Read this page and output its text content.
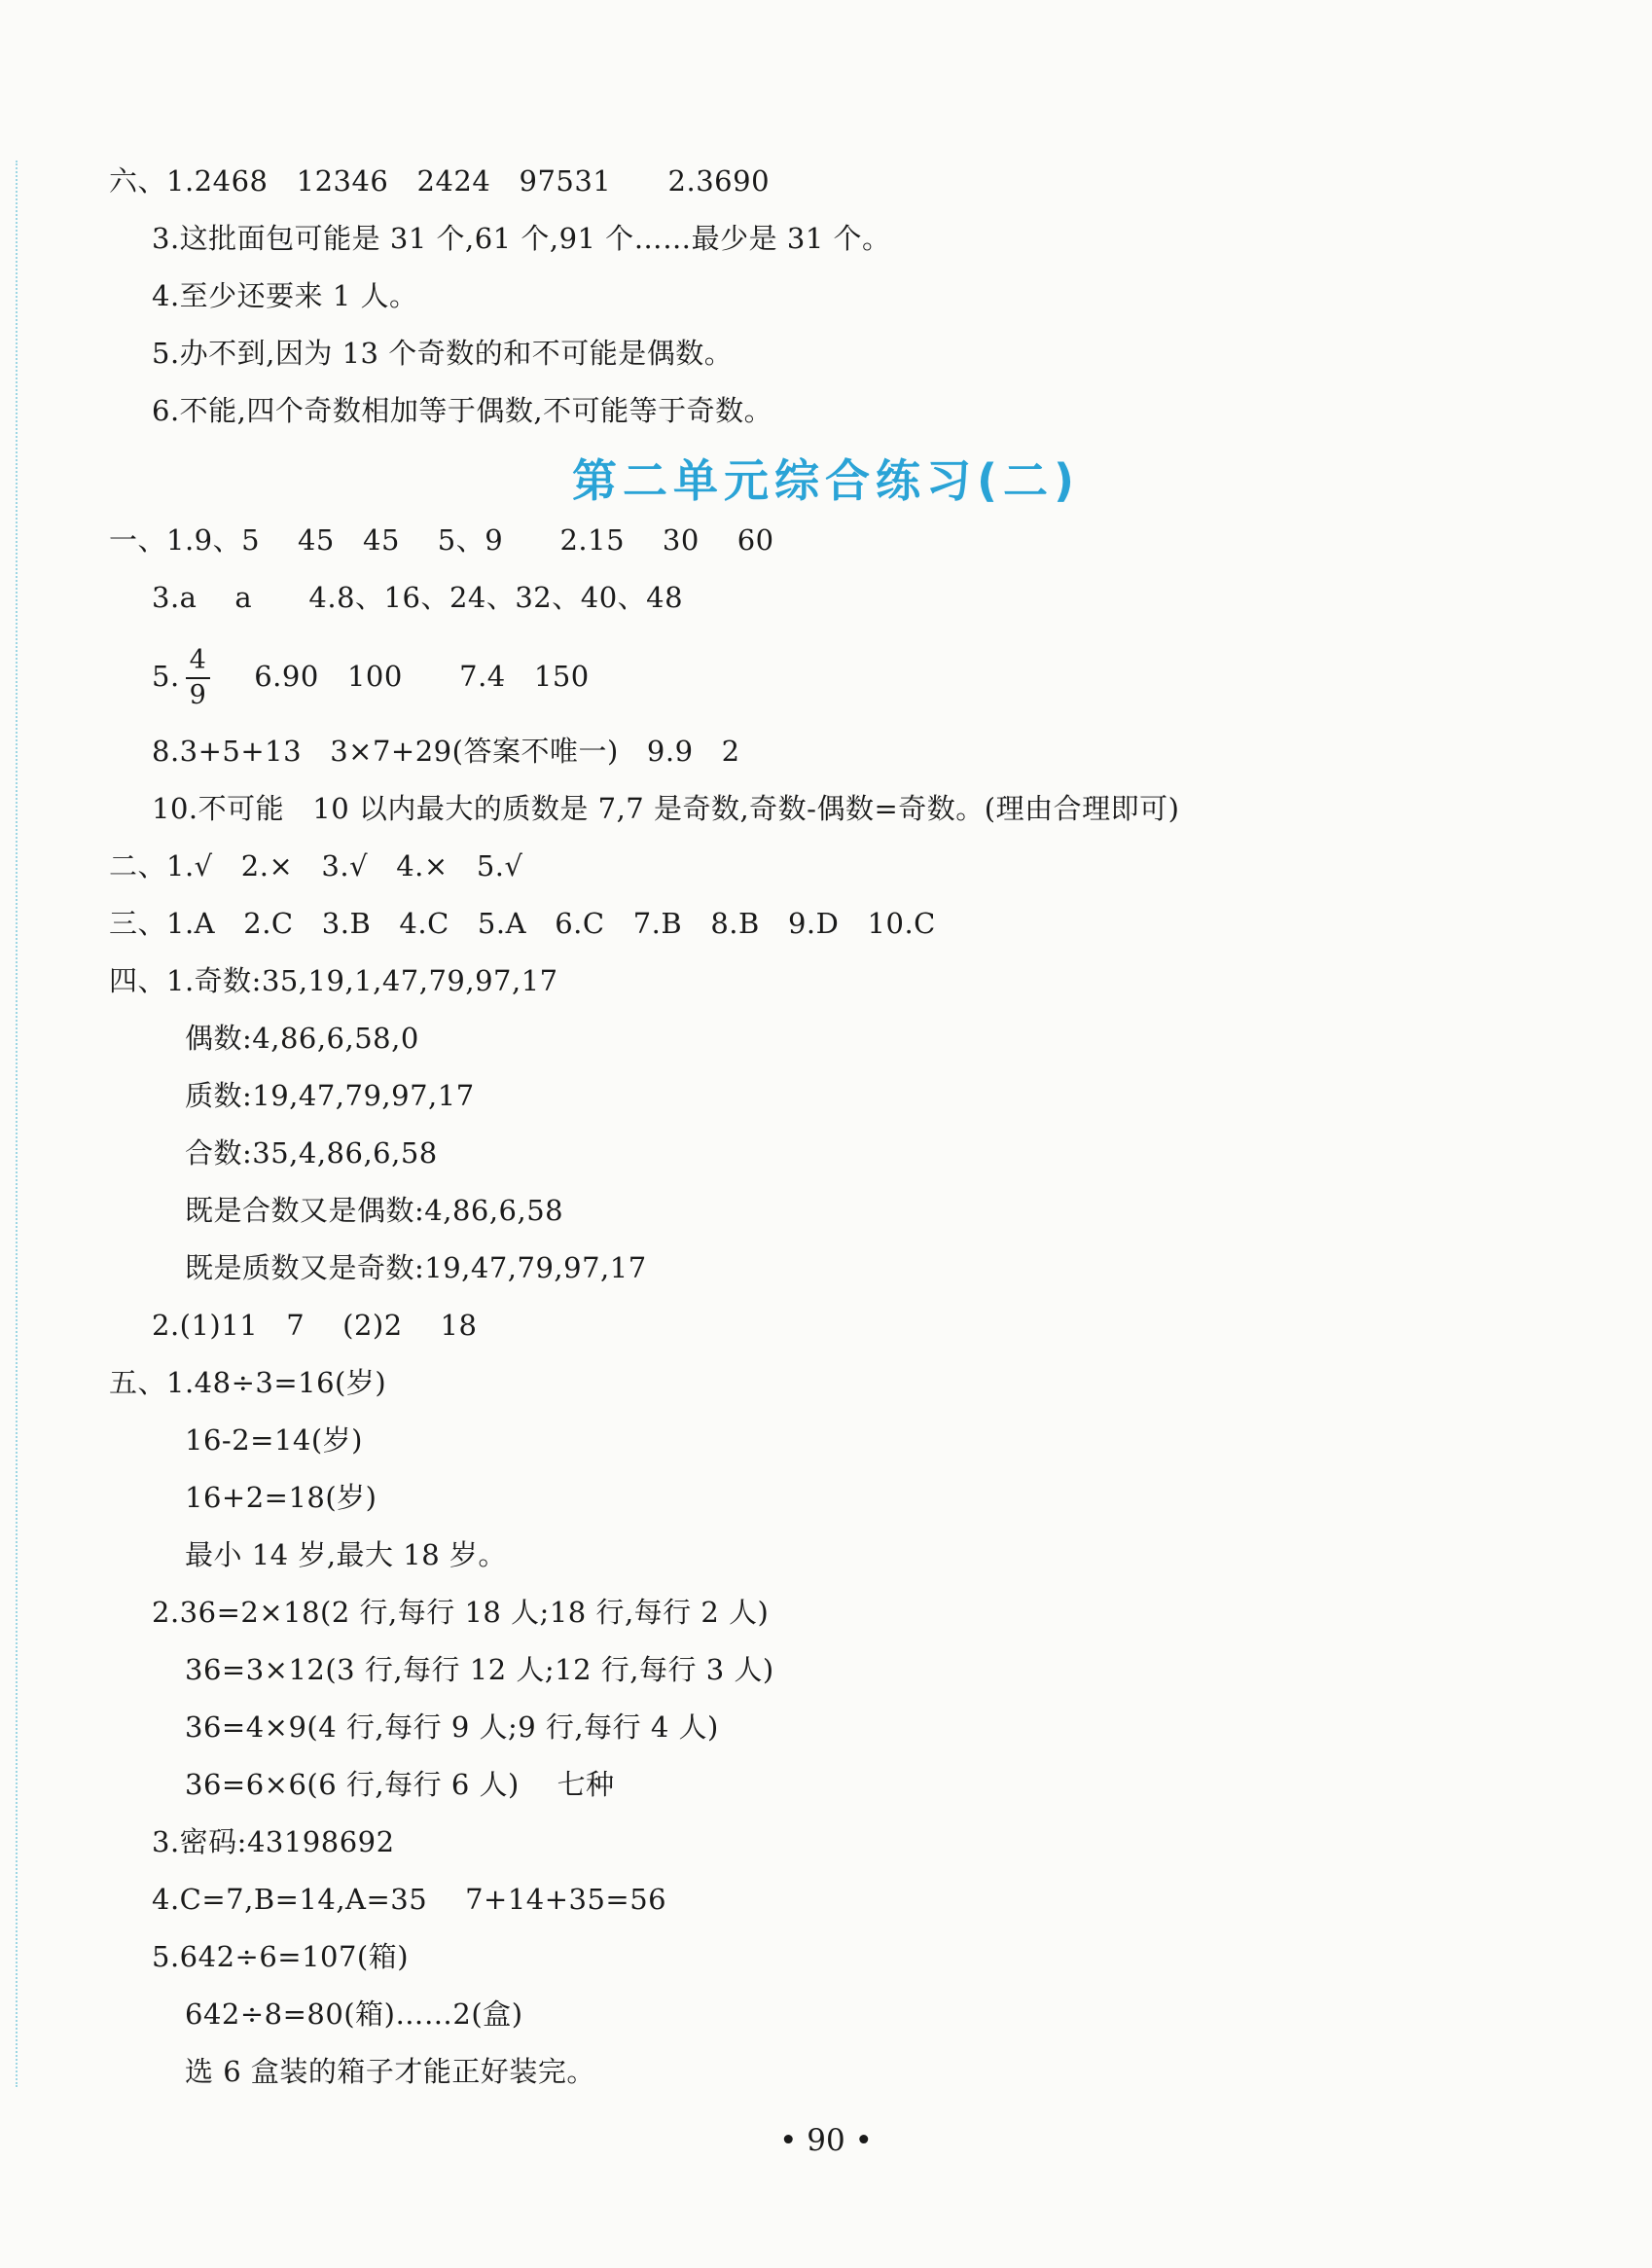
六、1.2468   12346   2424   97531      2.3690
3.这批面包可能是 31 个,61 个,91 个……最少是 31 个。
4.至少还要来 1 人。
5.办不到,因为 13 个奇数的和不可能是偶数。
6.不能,四个奇数相加等于偶数,不可能等于奇数。
第二单元综合练习(二)
一、1.9、5    45   45    5、9      2.15    30    60
3.a    a      4.8、16、24、32、40、48
5. $\frac{4}{9} 6.90$   100      7.4   150
8.3+5+13   3×7+29(答案不唯一)   9.9   2
10.不可能   10 以内最大的质数是 7,7 是奇数,奇数-偶数=奇数。(理由合理即可)
二、1.√   2.×   3.√   4.×   5.√
三、1.A   2.C   3.B   4.C   5.A   6.C   7.B   8.B   9.D   10.C
四、1.奇数:35,19,1,47,79,97,17
偶数:4,86,6,58,0
质数:19,47,79,97,17
合数:35,4,86,6,58
既是合数又是偶数:4,86,6,58
既是质数又是奇数:19,47,79,97,17
2.(1)11   7    (2)2    18
五、1.48÷3=16(岁)
16-2=14(岁)
16+2=18(岁)
最小 14 岁,最大 18 岁。
2.36=2×18(2 行,每行 18 人;18 行,每行 2 人)
36=3×12(3 行,每行 12 人;12 行,每行 3 人)
36=4×9(4 行,每行 9 人;9 行,每行 4 人)
36=6×6(6 行,每行 6 人)    七种
3.密码:43198692
4.C=7,B=14,A=35    7+14+35=56
5.642÷6=107(箱)
642÷8=80(箱)……2(盒)
选 6 盒装的箱子才能正好装完。
• 90 •
